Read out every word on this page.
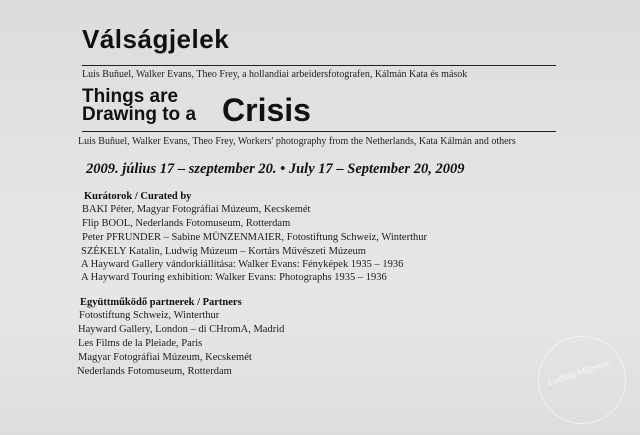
Válságjelek
Luis Buñuel, Walker Evans, Theo Frey, a hollandiai arbeidersfotografen, Kálmán Kata és mások
Things are
Drawing to a Crisis
Luis Buñuel, Walker Evans, Theo Frey, Workers' photography from the Netherlands, Kata Kálmán and others
2009. július 17 – szeptember 20. • July 17 – September 20, 2009
Kurátorok / Curated by
BAKI Péter, Magyar Fotográfiai Múzeum, Kecskemét
Flip BOOL, Nederlands Fotomuseum, Rotterdam
Peter PFRUNDER – Sabine MÜNZENMAIER, Fotostiftung Schweiz, Winterthur
SZÉKELY Katalin, Ludwig Múzeum – Kortárs Művészeti Múzeum
A Hayward Gallery vándorkiállítása: Walker Evans: Fényképek 1935 – 1936
A Hayward Touring exhibition: Walker Evans: Photographs 1935 – 1936
Együttműködő partnerek / Partners
Fotostiftung Schweiz, Winterthur
Hayward Gallery, London – di CHromA, Madrid
Les Films de la Pleiade, Paris
Magyar Fotográfiai Múzeum, Kecskemét
Nederlands Fotomuseum, Rotterdam	Ludwig Múzeum
